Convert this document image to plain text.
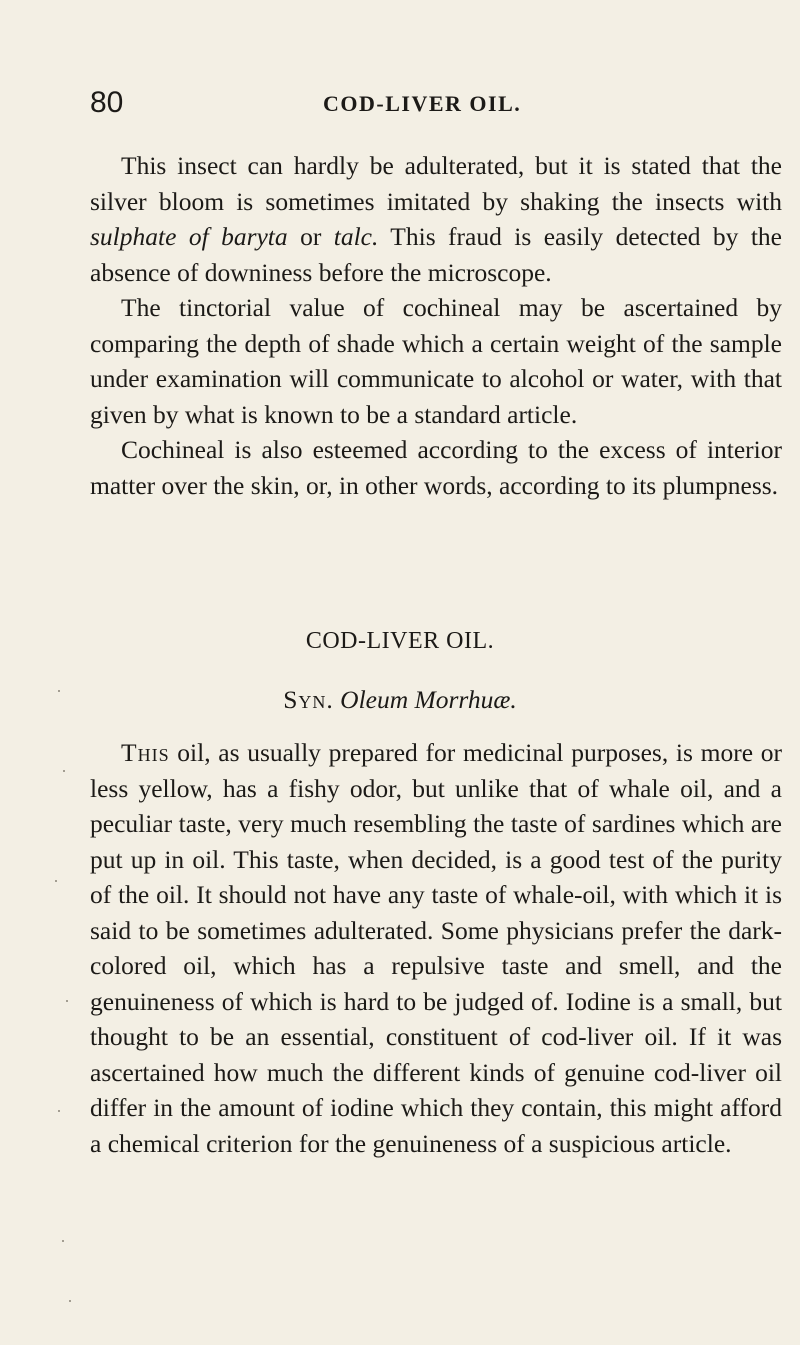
80	COD-LIVER OIL.

This insect can hardly be adulterated, but it is stated that the silver bloom is sometimes imitated by shaking the insects with sulphate of baryta or talc. This fraud is easily detected by the absence of downiness before the microscope.

The tinctorial value of cochineal may be ascertained by comparing the depth of shade which a certain weight of the sample under examination will communicate to alcohol or water, with that given by what is known to be a standard article.

Cochineal is also esteemed according to the excess of interior matter over the skin, or, in other words, according to its plumpness.

COD-LIVER OIL.
Syn. Oleum Morrhuæ.

This oil, as usually prepared for medicinal purposes, is more or less yellow, has a fishy odor, but unlike that of whale oil, and a peculiar taste, very much resembling the taste of sardines which are put up in oil. This taste, when decided, is a good test of the purity of the oil. It should not have any taste of whale-oil, with which it is said to be sometimes adulterated. Some physicians prefer the dark-colored oil, which has a repulsive taste and smell, and the genuineness of which is hard to be judged of. Iodine is a small, but thought to be an essential, constituent of cod-liver oil. If it was ascertained how much the different kinds of genuine cod-liver oil differ in the amount of iodine which they contain, this might afford a chemical criterion for the genuineness of a suspicious article.
